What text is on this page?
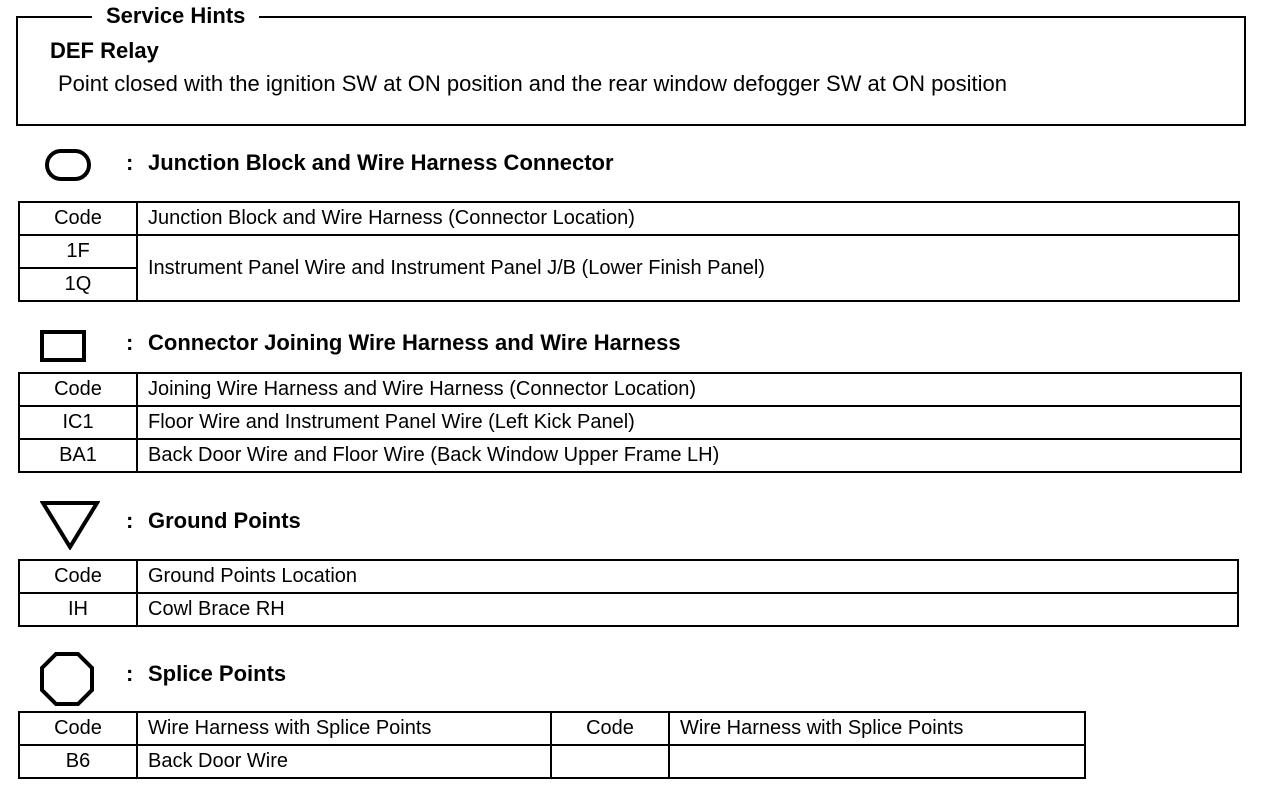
Service Hints
DEF Relay
Point closed with the ignition SW at ON position and the rear window defogger SW at ON position
: Junction Block and Wire Harness Connector
Code	Junction Block and Wire Harness (Connector Location)
1F	Instrument Panel Wire and Instrument Panel J/B (Lower Finish Panel)
1Q	
: Connector Joining Wire Harness and Wire Harness
Code	Joining Wire Harness and Wire Harness (Connector Location)
IC1	Floor Wire and Instrument Panel Wire (Left Kick Panel)
BA1	Back Door Wire and Floor Wire (Back Window Upper Frame LH)
: Ground Points
Code	Ground Points Location
IH	Cowl Brace RH
: Splice Points
Code	Wire Harness with Splice Points	Code	Wire Harness with Splice Points
B6	Back Door Wire		
